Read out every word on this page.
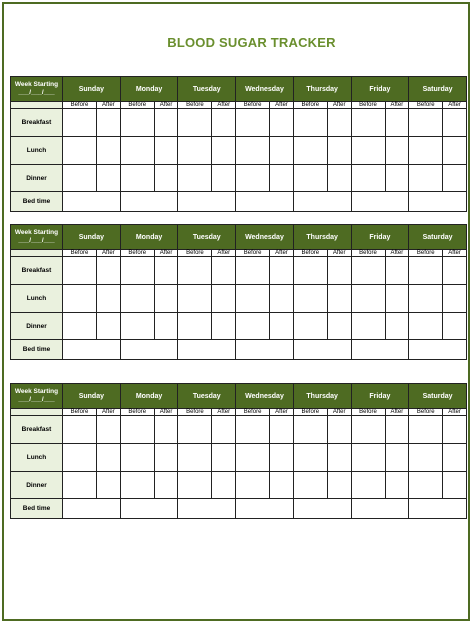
BLOOD SUGAR TRACKER
Week Starting
___/___/___	Sunday		Monday		Tuesday		Wednesday		Thursday		Friday		Saturday	
	Before	After	Before	After	Before	After	Before	After	Before	After	Before	After	Before	After
Breakfast														
Lunch														
Dinner														
Bed time														
Week Starting
___/___/___	Sunday		Monday		Tuesday		Wednesday		Thursday		Friday		Saturday	
	Before	After	Before	After	Before	After	Before	After	Before	After	Before	After	Before	After
Breakfast														
Lunch														
Dinner														
Bed time														
Week Starting
___/___/___	Sunday		Monday		Tuesday		Wednesday		Thursday		Friday		Saturday	
	Before	After	Before	After	Before	After	Before	After	Before	After	Before	After	Before	After
Breakfast														
Lunch														
Dinner														
Bed time														
